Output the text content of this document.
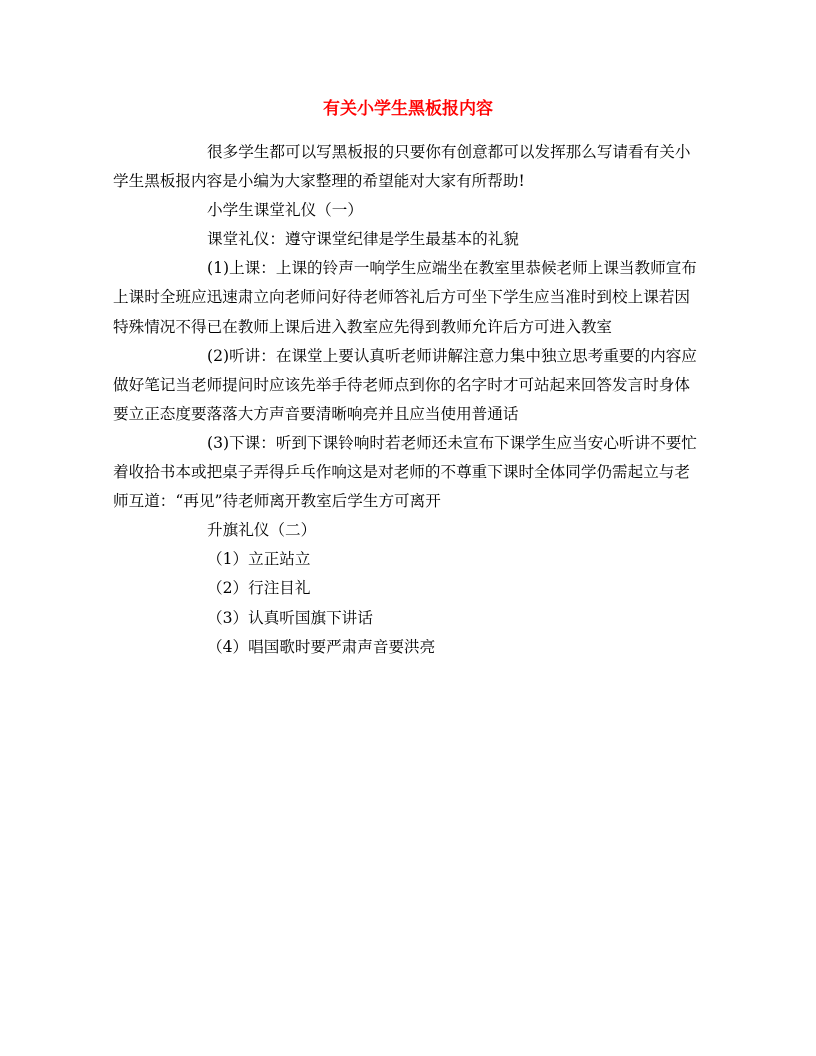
有关小学生黑板报内容

很多学生都可以写黑板报的只要你有创意都可以发挥那么写请看有关小学生黑板报内容是小编为大家整理的希望能对大家有所帮助!

小学生课堂礼仪（一）

课堂礼仪：遵守课堂纪律是学生最基本的礼貌

(1)上课：上课的铃声一响学生应端坐在教室里恭候老师上课当教师宣布上课时全班应迅速肃立向老师问好待老师答礼后方可坐下学生应当准时到校上课若因特殊情况不得已在教师上课后进入教室应先得到教师允许后方可进入教室

(2)听讲：在课堂上要认真听老师讲解注意力集中独立思考重要的内容应做好笔记当老师提问时应该先举手待老师点到你的名字时才可站起来回答发言时身体要立正态度要落落大方声音要清晰响亮并且应当使用普通话

(3)下课：听到下课铃响时若老师还未宣布下课学生应当安心听讲不要忙着收拾书本或把桌子弄得乒乓作响这是对老师的不尊重下课时全体同学仍需起立与老师互道：“再见”待老师离开教室后学生方可离开

升旗礼仪（二）

（1）立正站立

（2）行注目礼

（3）认真听国旗下讲话

（4）唱国歌时要严肃声音要洪亮
